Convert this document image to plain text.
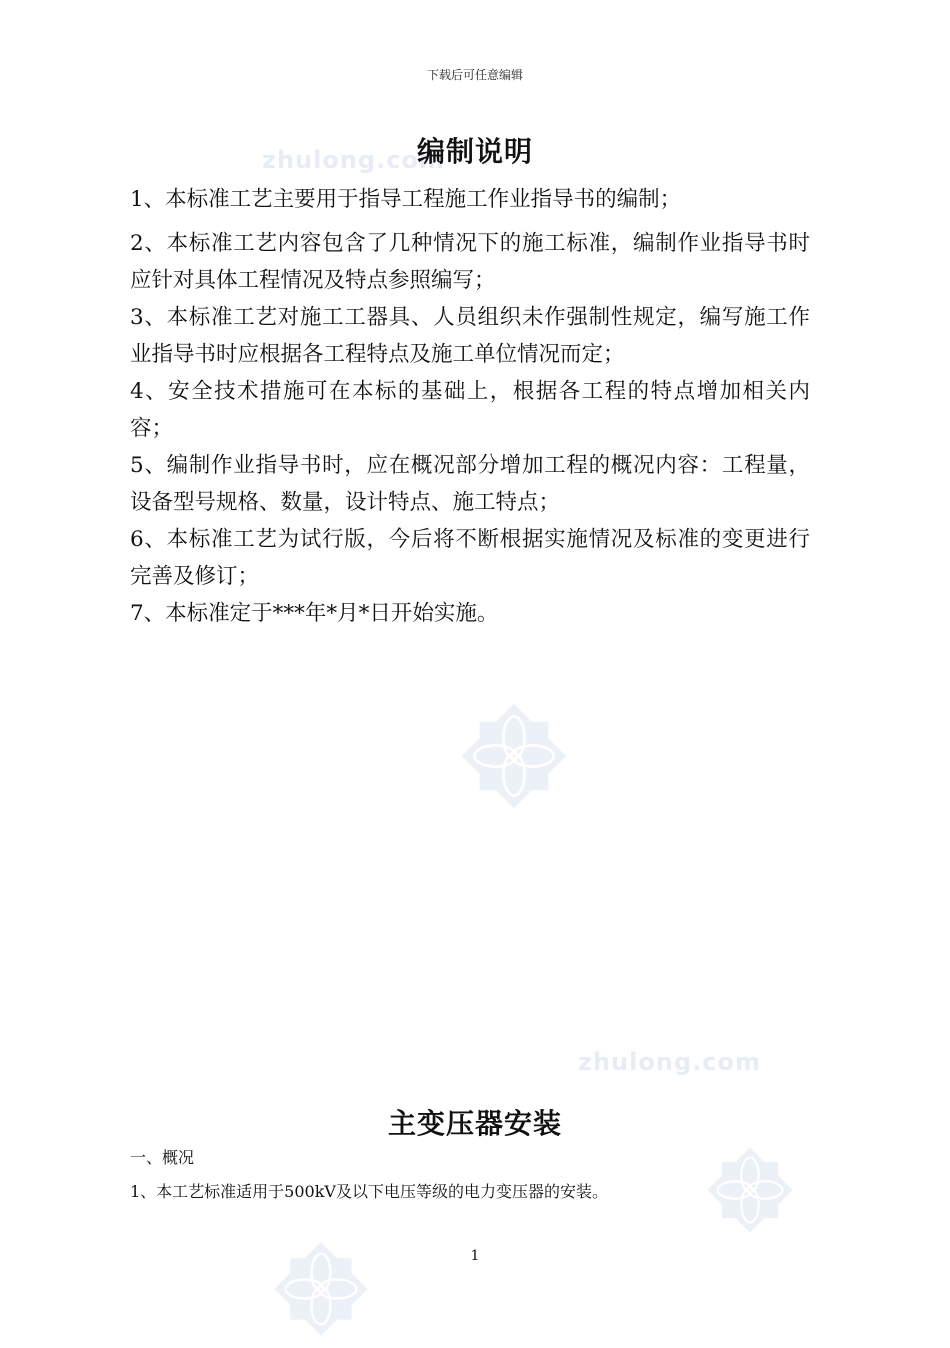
zhulong.com
zhulong.com
下载后可任意编辑
编制说明

1、本标准工艺主要用于指导工程施工作业指导书的编制；

2、本标准工艺内容包含了几种情况下的施工标准，编制作业指导书时应针对具体工程情况及特点参照编写；

3、本标准工艺对施工工器具、人员组织未作强制性规定，编写施工作业指导书时应根据各工程特点及施工单位情况而定；

4、安全技术措施可在本标的基础上，根据各工程的特点增加相关内容；

5、编制作业指导书时，应在概况部分增加工程的概况内容：工程量，设备型号规格、数量，设计特点、施工特点；

6、本标准工艺为试行版，今后将不断根据实施情况及标准的变更进行完善及修订；

7、本标准定于***年*月*日开始实施。

主变压器安装
一、概况
1、本工艺标准适用于500kV及以下电压等级的电力变压器的安装。
1
